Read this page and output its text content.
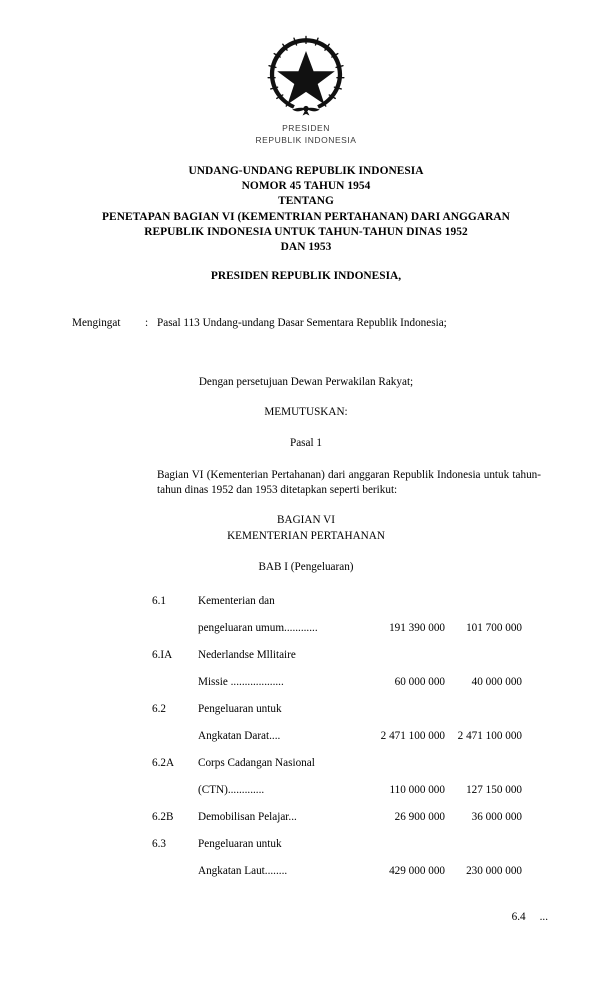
PRESIDEN
REPUBLIK INDONESIA
UNDANG-UNDANG REPUBLIK INDONESIA
NOMOR 45 TAHUN 1954
TENTANG
PENETAPAN BAGIAN VI (KEMENTRIAN PERTAHANAN) DARI ANGGARAN
REPUBLIK INDONESIA UNTUK TAHUN-TAHUN DINAS 1952
DAN 1953
PRESIDEN REPUBLIK INDONESIA,
Mengingat	: Pasal 113 Undang-undang Dasar Sementara Republik Indonesia;
Dengan persetujuan Dewan Perwakilan Rakyat;
MEMUTUSKAN:
Pasal 1
Bagian VI (Kementerian Pertahanan) dari anggaran Republik Indonesia untuk tahun-tahun dinas 1952 dan 1953 ditetapkan seperti berikut:
BAGIAN VI
KEMENTERIAN PERTAHANAN
BAB I (Pengeluaran)
6.1	Kementerian dan		
	pengeluaran umum............	191 390 000	101 700 000
6.IA	Nederlandse Mllitaire		
	Missie ...................	60 000 000	40 000 000
6.2	Pengeluaran untuk		
	Angkatan Darat....	2 471 100 000	2 471 100 000
6.2A	Corps Cadangan Nasional		
	(CTN).............	110 000 000	127 150 000
6.2B	Demobilisan Pelajar...	26 900 000	36 000 000
6.3	Pengeluaran untuk		
	Angkatan Laut........	429 000 000	230 000 000
6.4 ...
